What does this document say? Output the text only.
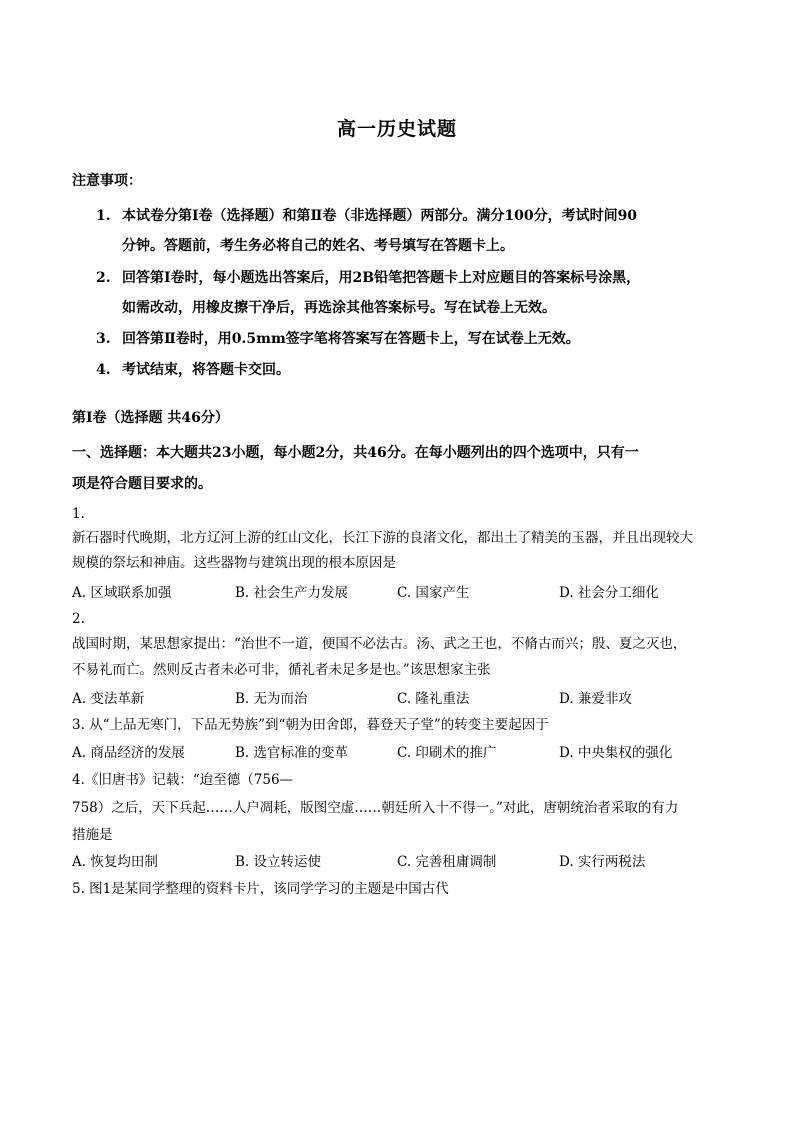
高一历史试题
注意事项：
1. 本试卷分第Ⅰ卷（选择题）和第Ⅱ卷（非选择题）两部分。满分100分，考试时间90
分钟。答题前，考生务必将自己的姓名、考号填写在答题卡上。
2. 回答第Ⅰ卷时，每小题选出答案后，用2B铅笔把答题卡上对应题目的答案标号涂黑，
如需改动，用橡皮擦干净后，再选涂其他答案标号。写在试卷上无效。
3. 回答第Ⅱ卷时，用0.5mm签字笔将答案写在答题卡上，写在试卷上无效。
4. 考试结束，将答题卡交回。
第Ⅰ卷（选择题 共46分）
一、选择题：本大题共23小题，每小题2分，共46分。在每小题列出的四个选项中，只有一
项是符合题目要求的。
1.
新石器时代晚期，北方辽河上游的红山文化，长江下游的良渚文化，都出土了精美的玉器，并且出现较大
规模的祭坛和神庙。这些器物与建筑出现的根本原因是
A. 区域联系加强	B. 社会生产力发展	C. 国家产生	D. 社会分工细化
2.
战国时期，某思想家提出：“治世不一道，便国不必法古。汤、武之王也，不脩古而兴；殷、夏之灭也，
不易礼而亡。然则反古者未必可非，循礼者未足多是也。”该思想家主张
A. 变法革新	B. 无为而治	C. 隆礼重法	D. 兼爱非攻
3. 从“上品无寒门，下品无势族”到“朝为田舍郎，暮登天子堂”的转变主要起因于
A. 商品经济的发展	B. 选官标准的变革	C. 印刷术的推广	D. 中央集权的强化
4.《旧唐书》记载：“迨至德（756—
758）之后，天下兵起……人户凋耗，版图空虚……朝廷所入十不得一。”对此，唐朝统治者采取的有力
措施是
A. 恢复均田制	B. 设立转运使	C. 完善租庸调制	D. 实行两税法
5. 图1是某同学整理的资料卡片，该同学学习的主题是中国古代
